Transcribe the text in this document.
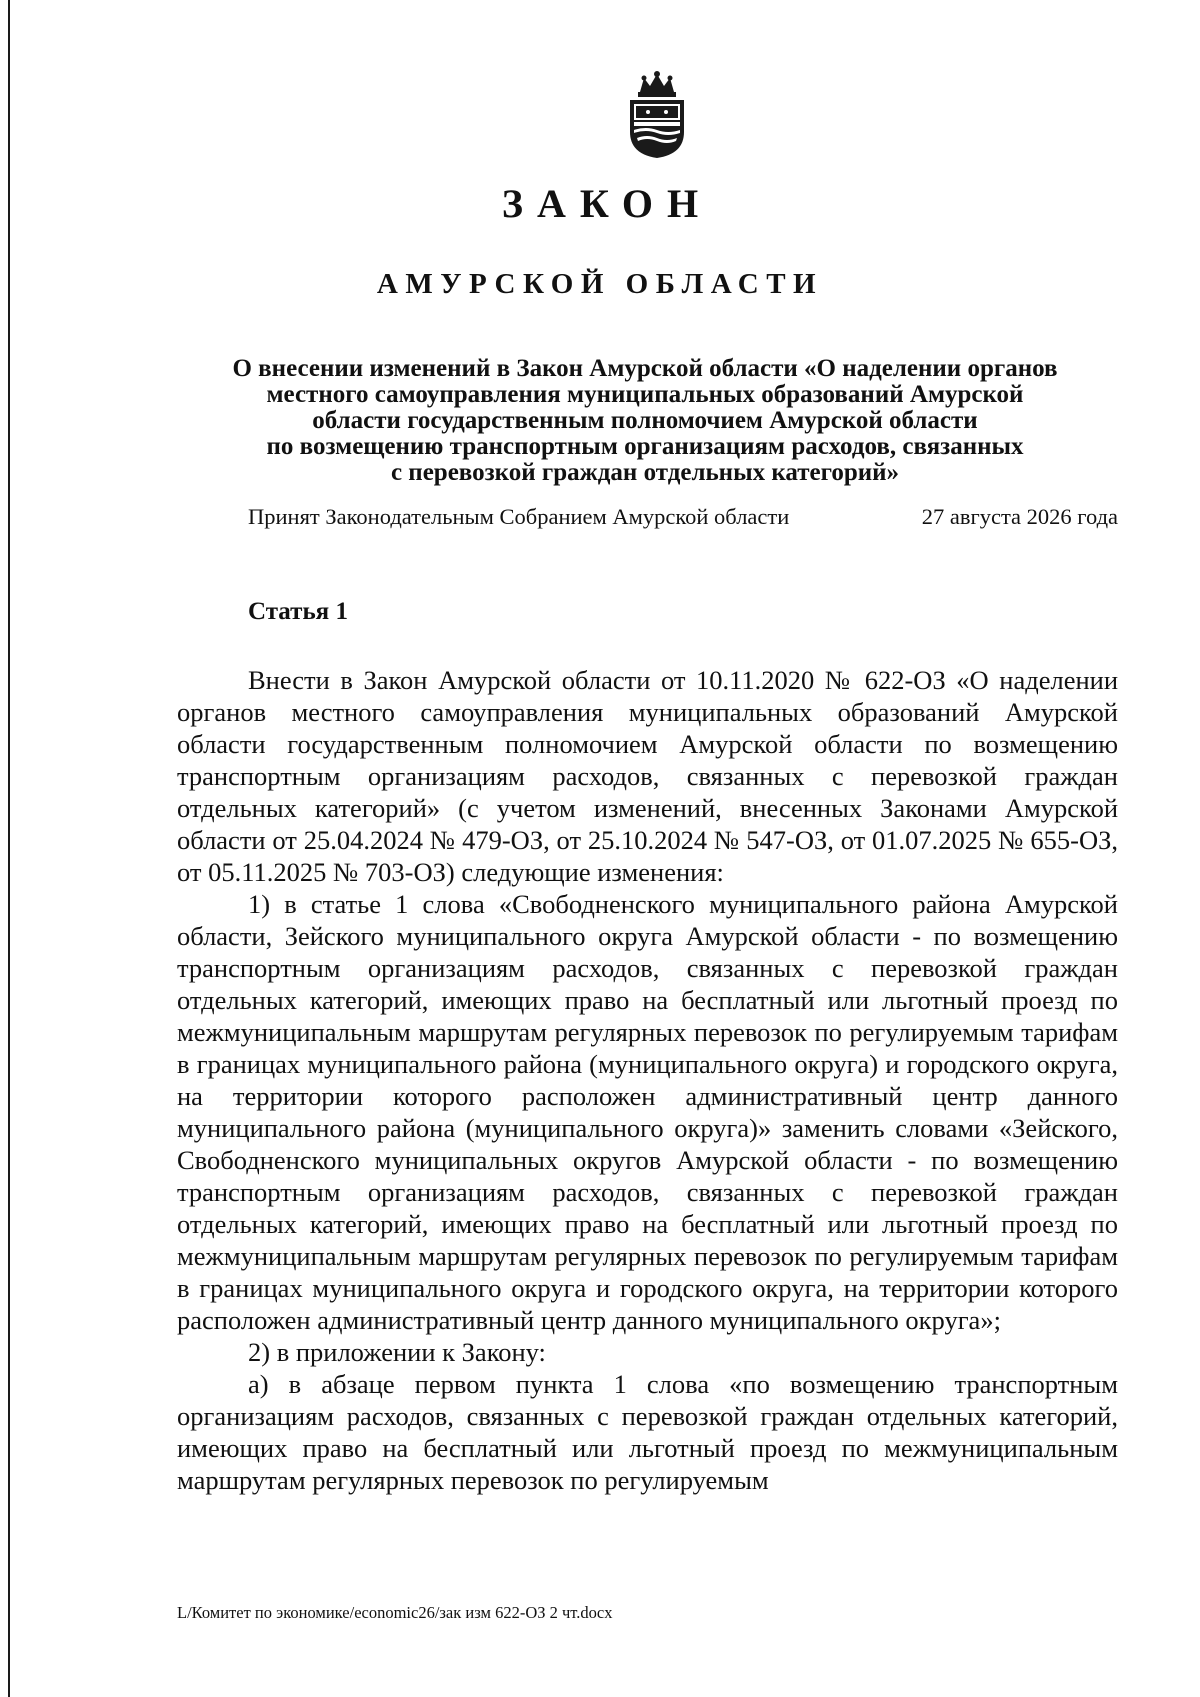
ЗАКОН
АМУРСКОЙ ОБЛАСТИ
О внесении изменений в Закон Амурской области «О наделении органов
местного самоуправления муниципальных образований Амурской
области государственным полномочием Амурской области
по возмещению транспортным организациям расходов, связанных
с перевозкой граждан отдельных категорий»
Принят Законодательным Собранием Амурской области	27 августа 2026 года
Статья 1

Внести в Закон Амурской области от 10.11.2020 № 622-ОЗ «О наделении органов местного самоуправления муниципальных образований Амурской области государственным полномочием Амурской области по возмещению транспортным организациям расходов, связанных с перевозкой граждан отдельных категорий» (с учетом изменений, внесенных Законами Амурской области от 25.04.2024 № 479-ОЗ, от 25.10.2024 № 547-ОЗ, от 01.07.2025 № 655-ОЗ, от 05.11.2025 № 703-ОЗ) следующие изменения:

1) в статье 1 слова «Свободненского муниципального района Амурской области, Зейского муниципального округа Амурской области - по возмещению транспортным организациям расходов, связанных с перевозкой граждан отдельных категорий, имеющих право на бесплатный или льготный проезд по межмуниципальным маршрутам регулярных перевозок по регулируемым тарифам в границах муниципального района (муниципального округа) и городского округа, на территории которого расположен административный центр данного муниципального района (муниципального округа)» заменить словами «Зейского, Свободненского муниципальных округов Амурской области - по возмещению транспортным организациям расходов, связанных с перевозкой граждан отдельных категорий, имеющих право на бесплатный или льготный проезд по межмуниципальным маршрутам регулярных перевозок по регулируемым тарифам в границах муниципального округа и городского округа, на территории которого расположен административный центр данного муниципального округа»;

2) в приложении к Закону:

а) в абзаце первом пункта 1 слова «по возмещению транспортным организациям расходов, связанных с перевозкой граждан отдельных категорий, имеющих право на бесплатный или льготный проезд по межмуниципальным маршрутам регулярных перевозок по регулируемым

L/Комитет по экономике/economic26/зак изм 622-ОЗ 2 чт.docx
